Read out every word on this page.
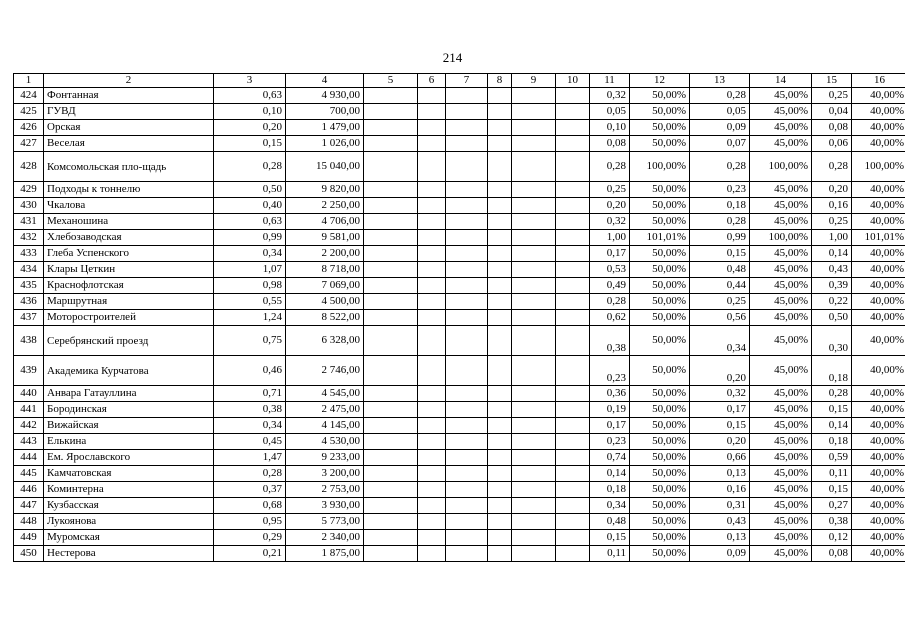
214
1	2	3	4	5	6	7	8	9	10	11	12	13	14	15	16
424	Фонтанная	0,63	4 930,00							0,32	50,00%	0,28	45,00%	0,25	40,00%
425	ГУВД	0,10	700,00							0,05	50,00%	0,05	45,00%	0,04	40,00%
426	Орская	0,20	1 479,00							0,10	50,00%	0,09	45,00%	0,08	40,00%
427	Веселая	0,15	1 026,00							0,08	50,00%	0,07	45,00%	0,06	40,00%
428	Комсомольская пло-щадь	0,28	15 040,00							0,28	100,00%	0,28	100,00%	0,28	100,00%
429	Подходы к тоннелю	0,50	9 820,00							0,25	50,00%	0,23	45,00%	0,20	40,00%
430	Чкалова	0,40	2 250,00							0,20	50,00%	0,18	45,00%	0,16	40,00%
431	Механошина	0,63	4 706,00							0,32	50,00%	0,28	45,00%	0,25	40,00%
432	Хлебозаводская	0,99	9 581,00							1,00	101,01%	0,99	100,00%	1,00	101,01%
433	Глеба Успенского	0,34	2 200,00							0,17	50,00%	0,15	45,00%	0,14	40,00%
434	Клары Цеткин	1,07	8 718,00							0,53	50,00%	0,48	45,00%	0,43	40,00%
435	Краснофлотская	0,98	7 069,00							0,49	50,00%	0,44	45,00%	0,39	40,00%
436	Маршрутная	0,55	4 500,00							0,28	50,00%	0,25	45,00%	0,22	40,00%
437	Моторостроителей	1,24	8 522,00							0,62	50,00%	0,56	45,00%	0,50	40,00%
438	Серебрянский проезд	0,75	6 328,00							0,38	50,00%	0,34	45,00%	0,30	40,00%
439	Академика Курчатова	0,46	2 746,00							0,23	50,00%	0,20	45,00%	0,18	40,00%
440	Анвара Гатауллина	0,71	4 545,00							0,36	50,00%	0,32	45,00%	0,28	40,00%
441	Бородинская	0,38	2 475,00							0,19	50,00%	0,17	45,00%	0,15	40,00%
442	Вижайская	0,34	4 145,00							0,17	50,00%	0,15	45,00%	0,14	40,00%
443	Елькина	0,45	4 530,00							0,23	50,00%	0,20	45,00%	0,18	40,00%
444	Ем. Ярославского	1,47	9 233,00							0,74	50,00%	0,66	45,00%	0,59	40,00%
445	Камчатовская	0,28	3 200,00							0,14	50,00%	0,13	45,00%	0,11	40,00%
446	Коминтерна	0,37	2 753,00							0,18	50,00%	0,16	45,00%	0,15	40,00%
447	Кузбасская	0,68	3 930,00							0,34	50,00%	0,31	45,00%	0,27	40,00%
448	Лукоянова	0,95	5 773,00							0,48	50,00%	0,43	45,00%	0,38	40,00%
449	Муромская	0,29	2 340,00							0,15	50,00%	0,13	45,00%	0,12	40,00%
450	Нестерова	0,21	1 875,00							0,11	50,00%	0,09	45,00%	0,08	40,00%
